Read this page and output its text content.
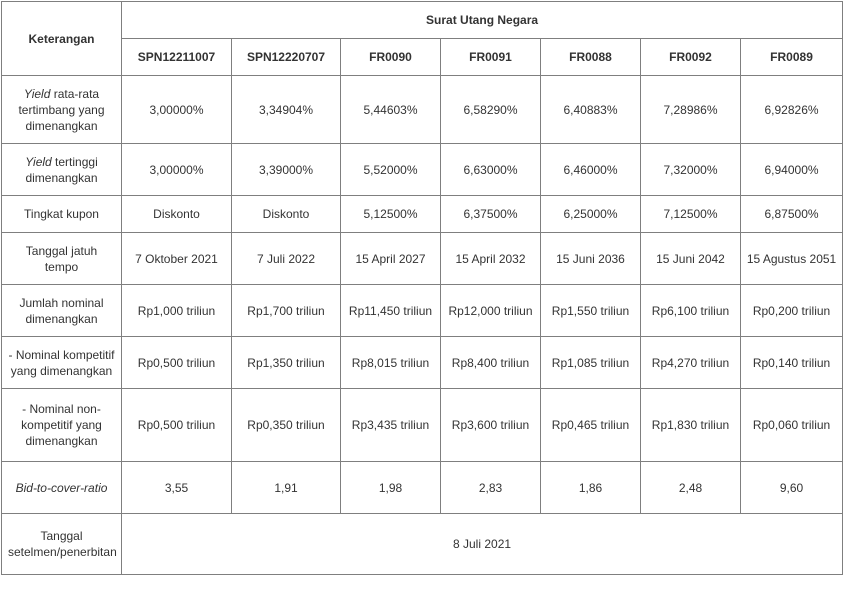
Keterangan	Surat Utang Negara						
	SPN12211007	SPN12220707	FR0090	FR0091	FR0088	FR0092	FR0089
Yield rata-rata tertimbang yang dimenangkan	3,00000%	3,34904%	5,44603%	6,58290%	6,40883%	7,28986%	6,92826%
Yield tertinggi dimenangkan	3,00000%	3,39000%	5,52000%	6,63000%	6,46000%	7,32000%	6,94000%
Tingkat kupon	Diskonto	Diskonto	5,12500%	6,37500%	6,25000%	7,12500%	6,87500%
Tanggal jatuh tempo	7 Oktober 2021	7 Juli 2022	15 April 2027	15 April 2032	15 Juni 2036	15 Juni 2042	15 Agustus 2051
Jumlah nominal dimenangkan	Rp1,000 triliun	Rp1,700 triliun	Rp11,450 triliun	Rp12,000 triliun	Rp1,550 triliun	Rp6,100 triliun	Rp0,200 triliun
- Nominal kompetitif yang dimenangkan	Rp0,500 triliun	Rp1,350 triliun	Rp8,015 triliun	Rp8,400 triliun	Rp1,085 triliun	Rp4,270 triliun	Rp0,140 triliun
- Nominal non-kompetitif yang dimenangkan	Rp0,500 triliun	Rp0,350 triliun	Rp3,435 triliun	Rp3,600 triliun	Rp0,465 triliun	Rp1,830 triliun	Rp0,060 triliun
Bid-to-cover-ratio	3,55	1,91	1,98	2,83	1,86	2,48	9,60
Tanggal setelmen/penerbitan	8 Juli 2021						
